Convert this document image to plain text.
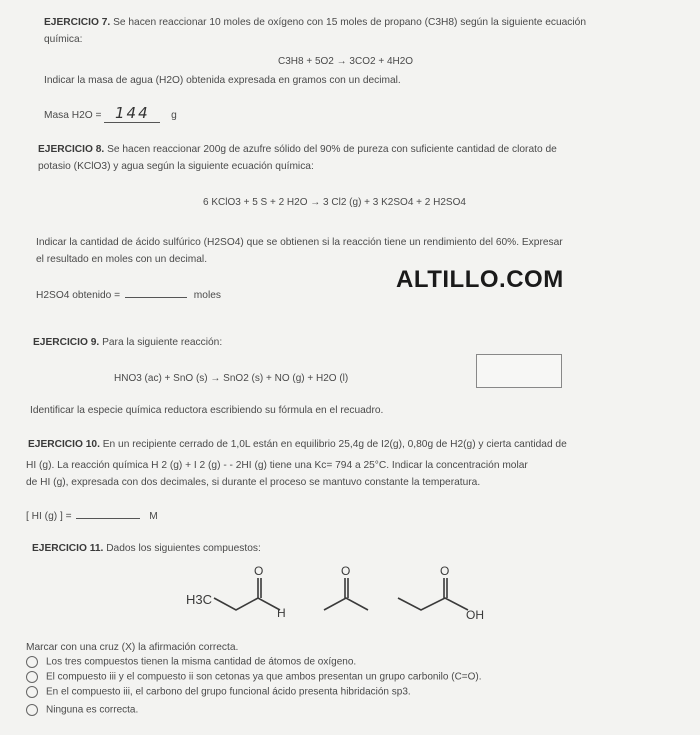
EJERCICIO 7. Se hacen reaccionar 10 moles de oxígeno con 15 moles de propano (C3H8) según la siguiente ecuación
química:
C3H8 + 5O2 → 3CO2 + 4H2O
Indicar la masa de agua (H2O) obtenida expresada en gramos con un decimal.
Masa H2O = 144 g
EJERCICIO 8. Se hacen reaccionar 200g de azufre sólido del 90% de pureza con suficiente cantidad de clorato de
potasio (KClO3) y agua según la siguiente ecuación química:
6 KClO3 + 5 S + 2 H2O → 3 Cl2 (g) + 3 K2SO4 + 2 H2SO4
Indicar la cantidad de ácido sulfúrico (H2SO4) que se obtienen si la reacción tiene un rendimiento del 60%. Expresar
el resultado en moles con un decimal.
H2SO4 obtenido =	moles
ALTILLO.COM
EJERCICIO 9. Para la siguiente reacción:
HNO3 (ac) + SnO (s) → SnO2 (s) + NO (g) + H2O (l)
Identificar la especie química reductora escribiendo su fórmula en el recuadro.
EJERCICIO 10. En un recipiente cerrado de 1,0L están en equilibrio 25,4g de I2(g), 0,80g de H2(g) y cierta cantidad de
HI (g). La reacción química H 2 (g) + I 2 (g) - - 2HI (g) tiene una Kc= 794 a 25°C. Indicar la concentración molar
de HI (g), expresada con dos decimales, si durante el proceso se mantuvo constante la temperatura.
[ HI (g) ] =	M
EJERCICIO 11. Dados los siguientes compuestos:
H3C
H
O	O	O
OH
Marcar con una cruz (X) la afirmación correcta.
Los tres compuestos tienen la misma cantidad de átomos de oxígeno.
El compuesto iii y el compuesto ii son cetonas ya que ambos presentan un grupo carbonilo (C=O).
En el compuesto iii, el carbono del grupo funcional ácido presenta hibridación sp3.
Ninguna es correcta.
